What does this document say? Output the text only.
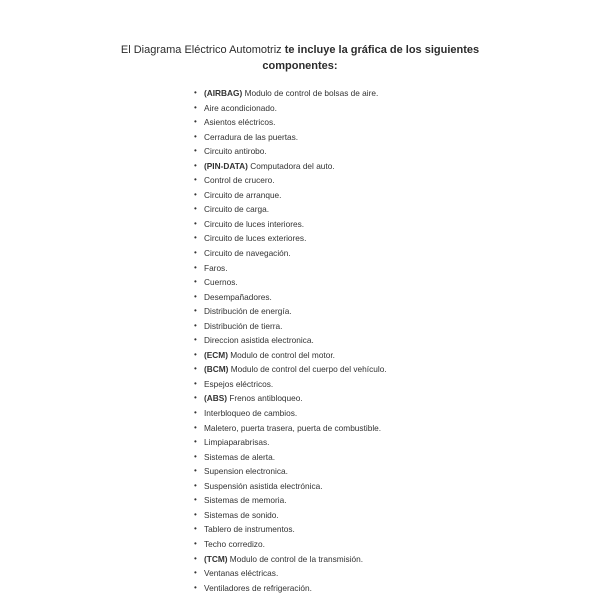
El Diagrama Eléctrico Automotriz te incluye la gráfica de los siguientes
componentes:
• (AIRBAG) Modulo de control de bolsas de aire.
• Aire acondicionado.
• Asientos eléctricos.
• Cerradura de las puertas.
• Circuito antirobo.
• (PIN-DATA) Computadora del auto.
• Control de crucero.
• Circuito de arranque.
• Circuito de carga.
• Circuito de luces interiores.
• Circuito de luces exteriores.
• Circuito de navegación.
• Faros.
• Cuernos.
• Desempañadores.
• Distribución de energía.
• Distribución de tierra.
• Direccion asistida electronica.
• (ECM) Modulo de control del motor.
• (BCM) Modulo de control del cuerpo del vehículo.
• Espejos eléctricos.
• (ABS) Frenos antibloqueo.
• Interbloqueo de cambios.
• Maletero, puerta trasera, puerta de combustible.
• Limpiaparabrisas.
• Sistemas de alerta.
• Supension electronica.
• Suspensión asistida electrónica.
• Sistemas de memoria.
• Sistemas de sonido.
• Tablero de instrumentos.
• Techo corredizo.
• (TCM) Modulo de control de la transmisión.
• Ventanas eléctricas.
• Ventiladores de refrigeración.
